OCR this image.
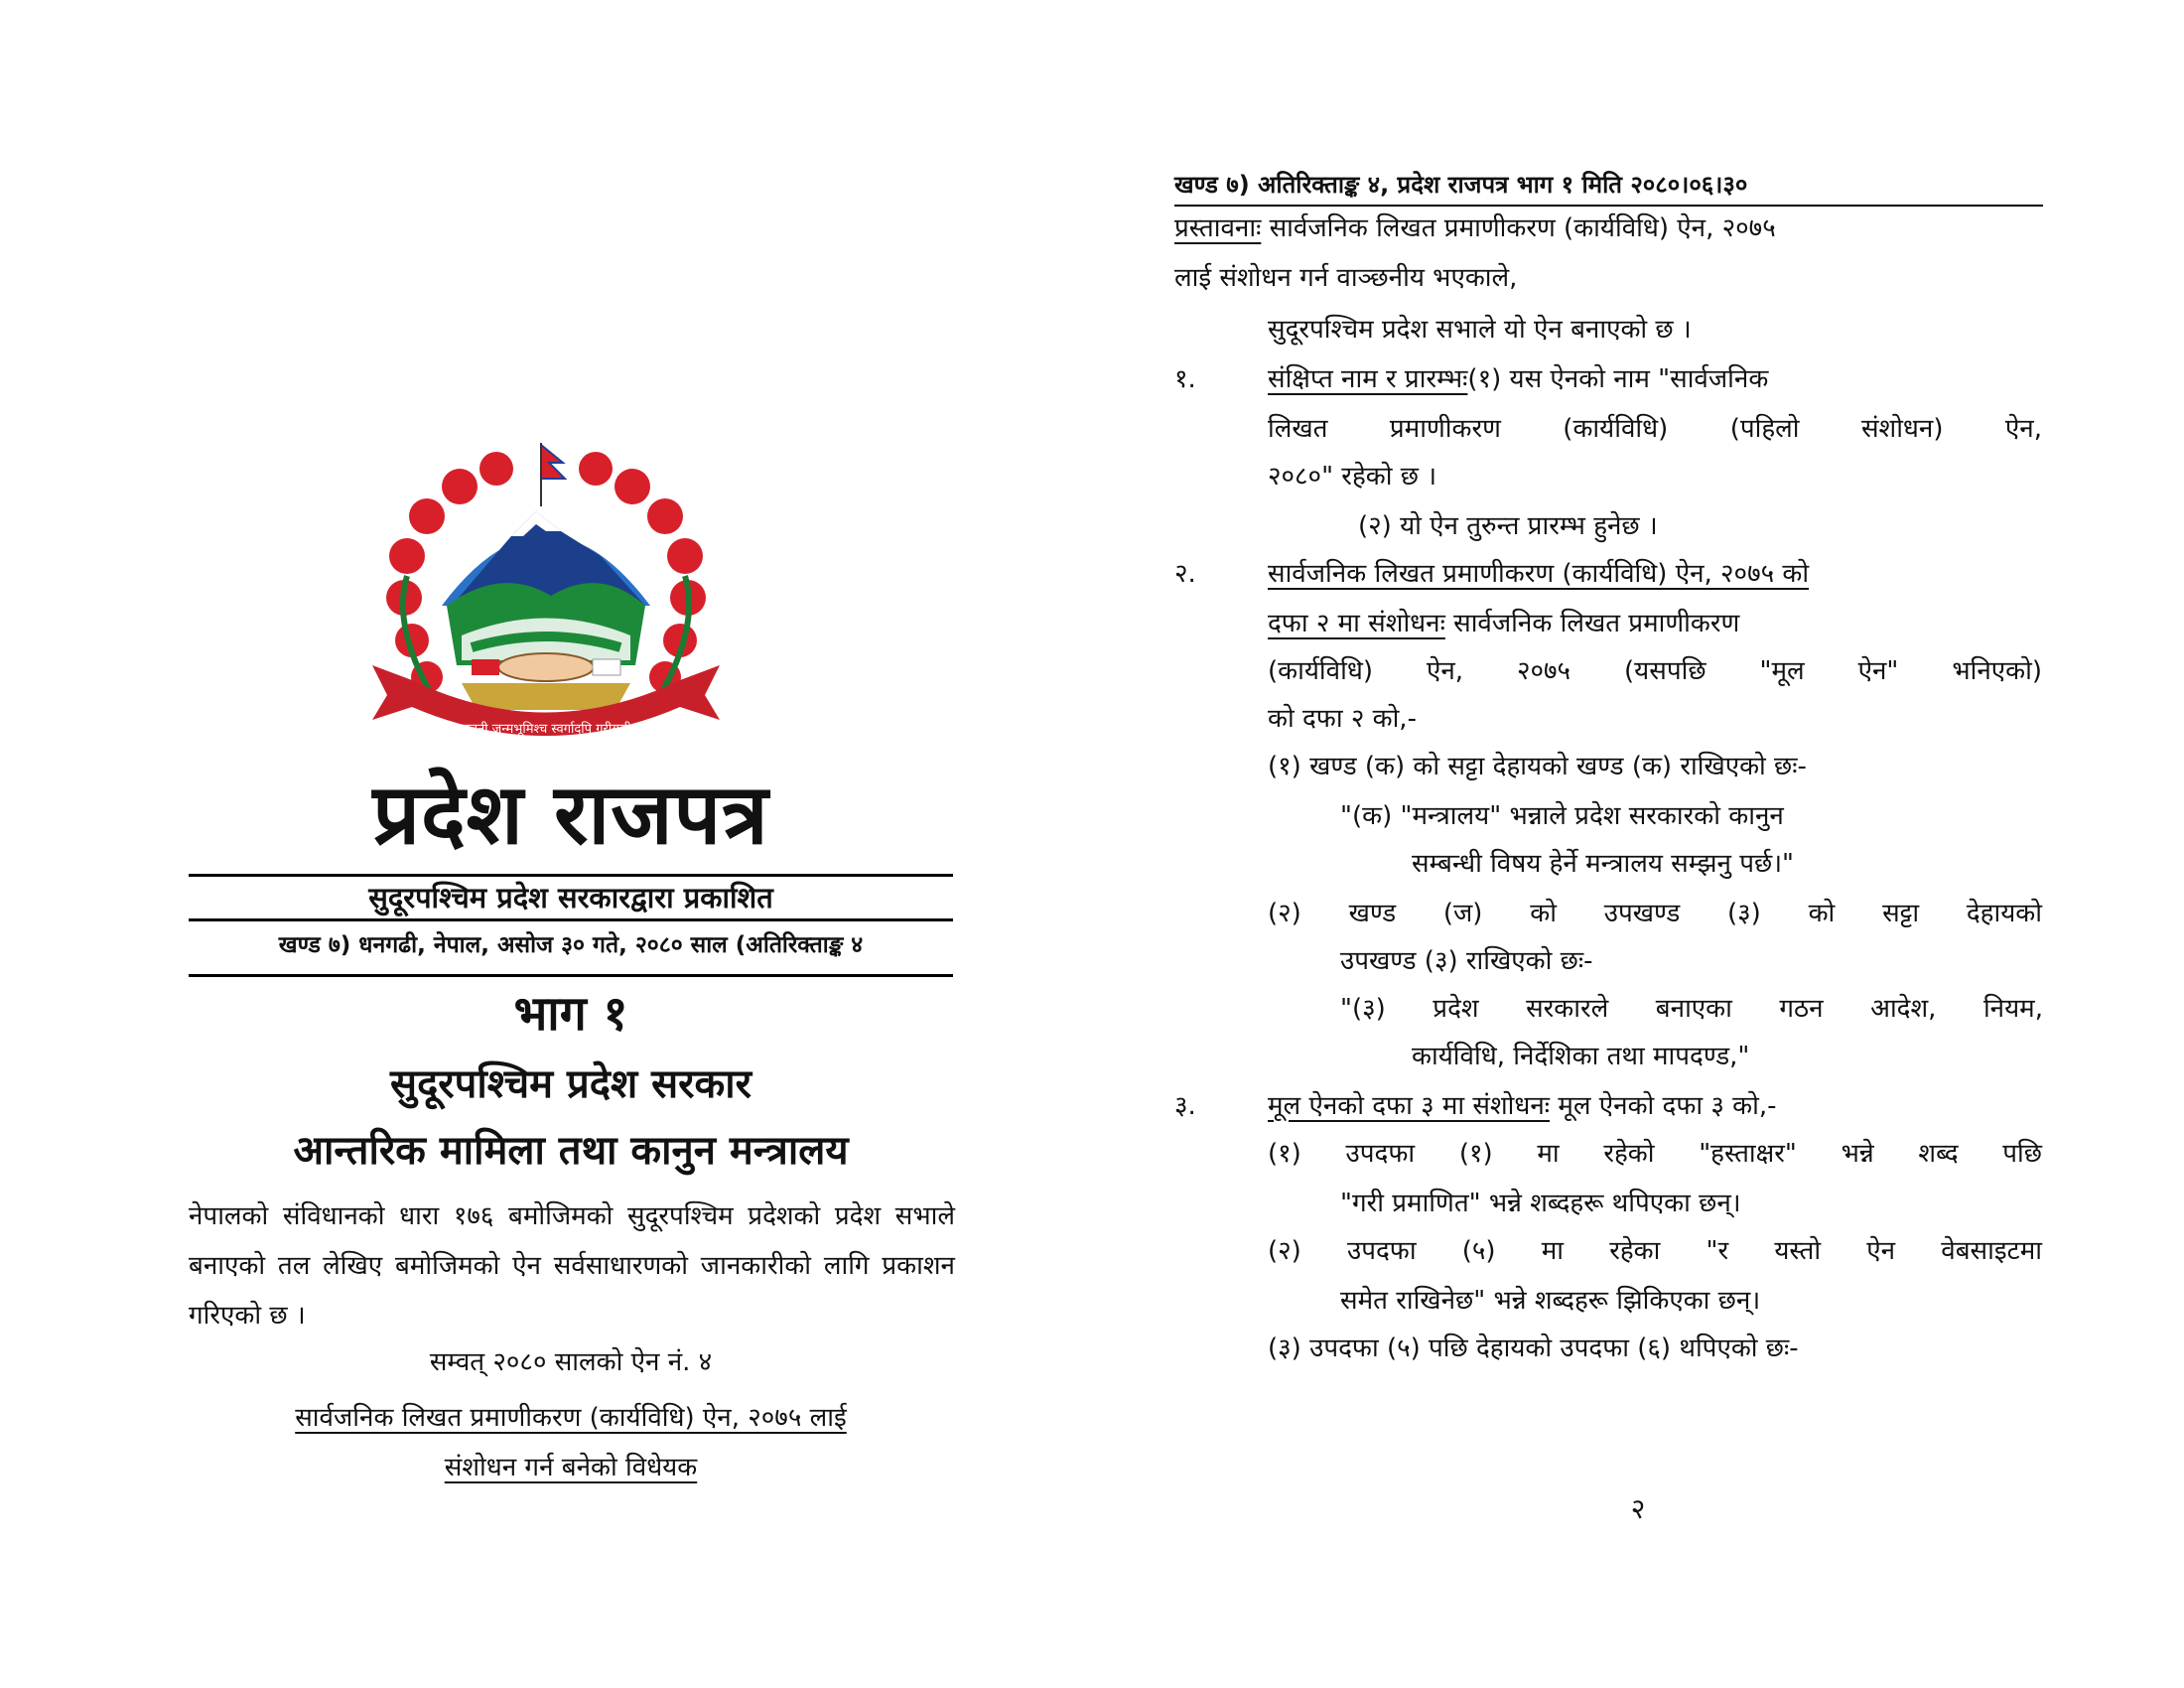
जननी जन्मभूमिश्च स्वर्गादपि गरीयसी
प्रदेश राजपत्र
सुदूरपश्चिम प्रदेश सरकारद्वारा प्रकाशित
खण्ड ७) धनगढी, नेपाल, असोज ३० गते, २०८० साल (अतिरिक्ताङ्क ४
भाग १
सुदूरपश्चिम प्रदेश सरकार
आन्तरिक मामिला तथा कानुन मन्त्रालय
नेपालको संविधानको धारा १७६ बमोजिमको सुदूरपश्चिम प्रदेशको प्रदेश सभाले बनाएको तल लेखिए बमोजिमको ऐन सर्वसाधारणको जानकारीको लागि प्रकाशन गरिएको छ ।
सम्वत् २०८० सालको ऐन नं. ४
सार्वजनिक लिखत प्रमाणीकरण (कार्यविधि) ऐन, २०७५ लाई
संशोधन गर्न बनेको विधेयक
खण्ड ७) अतिरिक्ताङ्क ४, प्रदेश राजपत्र भाग १ मिति २०८०।०६।३०
प्रस्तावनाः सार्वजनिक लिखत प्रमाणीकरण (कार्यविधि) ऐन, २०७५
लाई संशोधन गर्न वाञ्छनीय भएकाले,
सुदूरपश्चिम प्रदेश सभाले यो ऐन बनाएको छ ।
१.	संक्षिप्त नाम र प्रारम्भः(१) यस ऐनको नाम "सार्वजनिक
लिखत प्रमाणीकरण (कार्यविधि) (पहिलो संशोधन) ऐन,
२०८०" रहेको छ ।
(२) यो ऐन तुरुन्त प्रारम्भ हुनेछ ।
२.	सार्वजनिक लिखत प्रमाणीकरण (कार्यविधि) ऐन, २०७५ को
दफा २ मा संशोधनः सार्वजनिक लिखत प्रमाणीकरण
(कार्यविधि) ऐन, २०७५ (यसपछि "मूल ऐन" भनिएको)
को दफा २ को,-
(१) खण्ड (क) को सट्टा देहायको खण्ड (क) राखिएको छः-
"(क) "मन्त्रालय" भन्नाले प्रदेश सरकारको कानुन
सम्बन्धी विषय हेर्ने मन्त्रालय सम्झनु पर्छ।"
(२) खण्ड (ज) को उपखण्ड (३) को सट्टा देहायको
उपखण्ड (३) राखिएको छः-
"(३) प्रदेश सरकारले बनाएका गठन आदेश, नियम,
कार्यविधि, निर्देशिका तथा मापदण्ड,"
३.	मूल ऐनको दफा ३ मा संशोधनः मूल ऐनको दफा ३ को,-
(१) उपदफा (१) मा रहेको "हस्ताक्षर" भन्ने शब्द पछि
"गरी प्रमाणित" भन्ने शब्दहरू थपिएका छन्।
(२) उपदफा (५) मा रहेका "र यस्तो ऐन वेबसाइटमा
समेत राखिनेछ" भन्ने शब्दहरू झिकिएका छन्।
(३) उपदफा (५) पछि देहायको उपदफा (६) थपिएको छः-
२
